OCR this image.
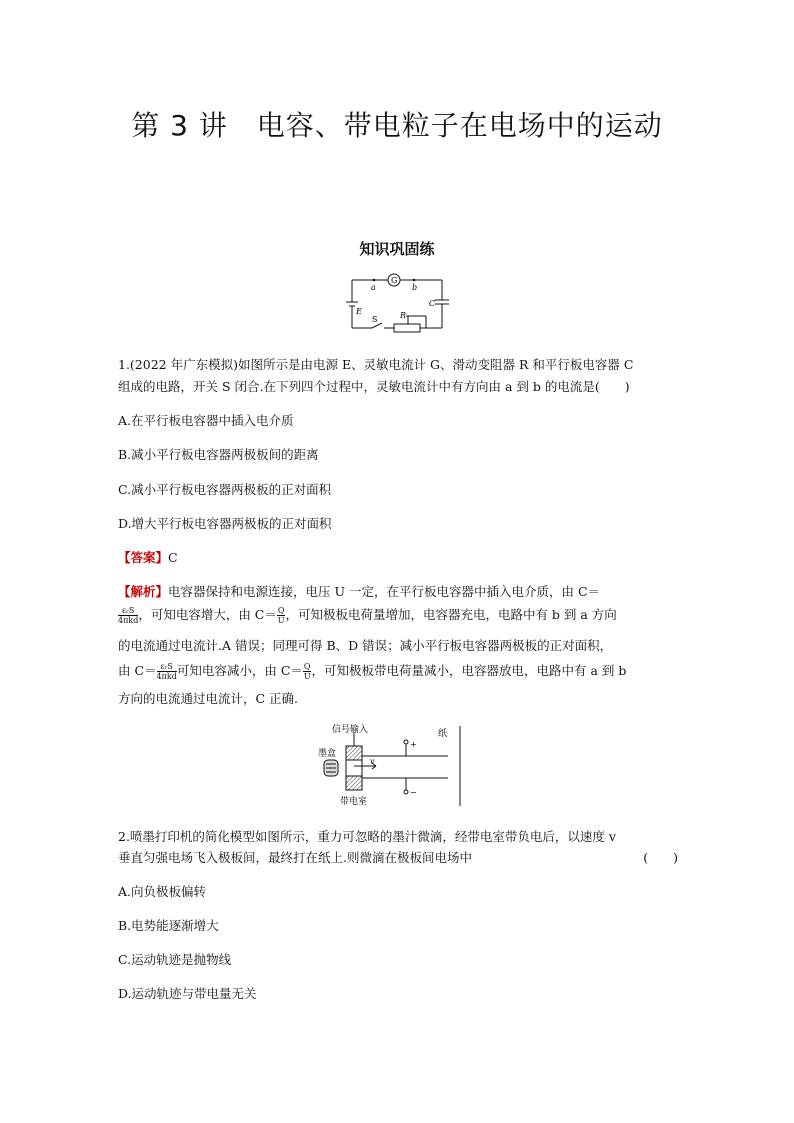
第 3 讲　电容、带电粒子在电场中的运动
知识巩固练
G
a	b
E
C
S	R
1.(2022 年广东模拟)如图所示是由电源 E、灵敏电流计 G、滑动变阻器 R 和平行板电容器 C
组成的电路，开关 S 闭合.在下列四个过程中，灵敏电流计中有方向由 a 到 b 的电流是(　　)
A.在平行板电容器中插入电介质
B.减小平行板电容器两极板间的距离
C.减小平行板电容器两极板的正对面积
D.增大平行板电容器两极板的正对面积
【答案】C
【解析】电容器保持和电源连接，电压 U 一定，在平行板电容器中插入电介质，由 C＝
$\frac{\text{εᵣS}}{\text{4πkd}}$ ，可知电容增大，由 $C= \frac{Q}{U}$ ，可知极板电荷量增加，电容器充电，电路中有 b 到 a 方向
的电流通过电流计.A 错误；同理可得 B、D 错误；减小平行板电容器两极板的正对面积，
由 $C= \frac{\text{εᵣS}}{\text{4πkd}}$ 可知电容减小，由 $C= \frac{Q}{U}$ ，可知极板带电荷量减小，电容器放电，电路中有 a 到 b
方向的电流通过电流计，C 正确.
信号输入
墨盒
带电室
纸
v
+
−
2.喷墨打印机的简化模型如图所示，重力可忽略的墨汁微滴，经带电室带负电后，以速度 v
垂直匀强电场飞入极板间，最终打在纸上.则微滴在极板间电场中	(　　)
A.向负极板偏转
B.电势能逐渐增大
C.运动轨迹是抛物线
D.运动轨迹与带电量无关
